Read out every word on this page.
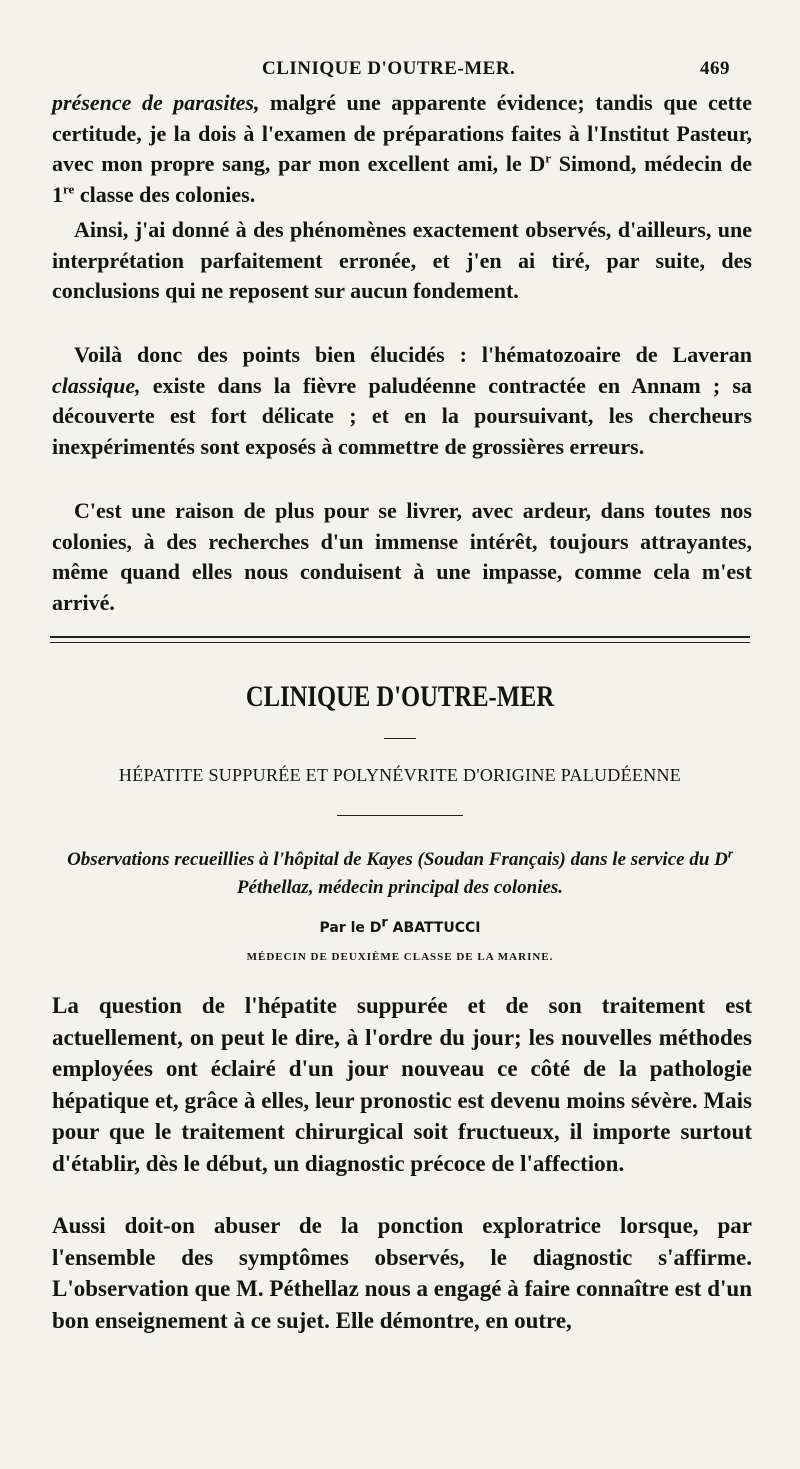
CLINIQUE D'OUTRE-MER.	469
présence de parasites, malgré une apparente évidence; tandis que cette certitude, je la dois à l'examen de préparations faites à l'Institut Pasteur, avec mon propre sang, par mon excellent ami, le $D^r$ Simond, médecin de 1re classe des colonies.
Ainsi, j'ai donné à des phénomènes exactement observés, d'ailleurs, une interprétation parfaitement erronée, et j'en ai tiré, par suite, des conclusions qui ne reposent sur aucun fondement.
Voilà donc des points bien élucidés : l'hématozoaire de Laveran classique, existe dans la fièvre paludéenne contractée en Annam ; sa découverte est fort délicate ; et en la poursuivant, les chercheurs inexpérimentés sont exposés à commettre de grossières erreurs.
C'est une raison de plus pour se livrer, avec ardeur, dans toutes nos colonies, à des recherches d'un immense intérêt, toujours attrayantes, même quand elles nous conduisent à une impasse, comme cela m'est arrivé.
CLINIQUE D'OUTRE-MER
HÉPATITE SUPPURÉE ET POLYNÉVRITE D'ORIGINE PALUDÉENNE
Observations recueillies à l'hôpital de Kayes (Soudan Français) dans le service du $D^r$ Péthellaz, médecin principal des colonies.
Par le Dr ABATTUCCI
MÉDECIN DE DEUXIÈME CLASSE DE LA MARINE.
La question de l'hépatite suppurée et de son traitement est actuellement, on peut le dire, à l'ordre du jour; les nouvelles méthodes employées ont éclairé d'un jour nouveau ce côté de la pathologie hépatique et, grâce à elles, leur pronostic est devenu moins sévère. Mais pour que le traitement chirurgical soit fructueux, il importe surtout d'établir, dès le début, un diagnostic précoce de l'affection.
Aussi doit-on abuser de la ponction exploratrice lorsque, par l'ensemble des symptômes observés, le diagnostic s'affirme. L'observation que M. Péthellaz nous a engagé à faire connaître est d'un bon enseignement à ce sujet. Elle démontre, en outre,
